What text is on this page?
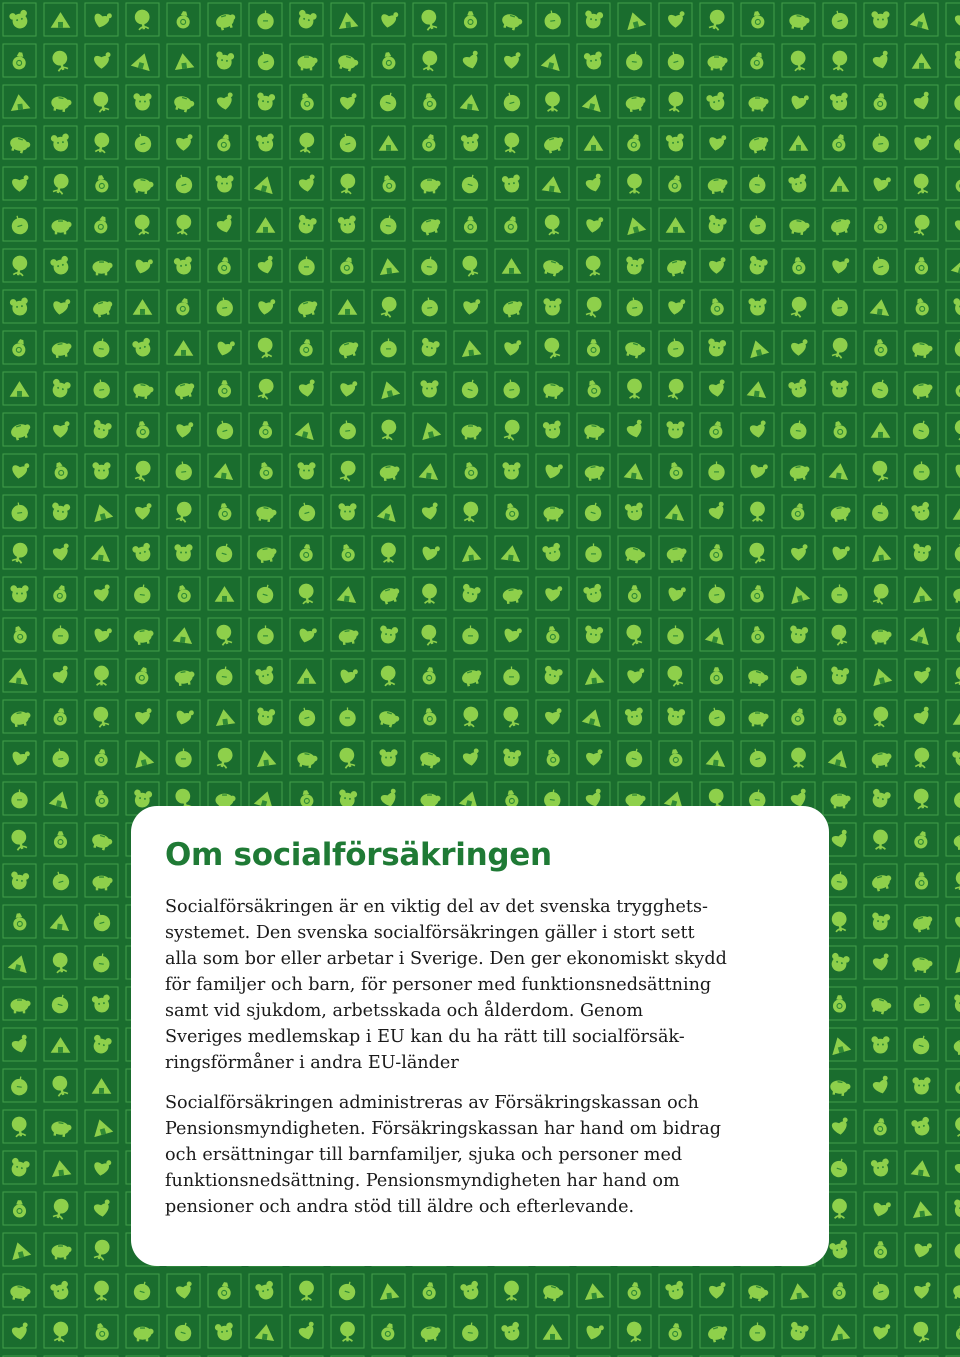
Om socialförsäkringen

Socialförsäkringen är en viktig del av det svenska trygghets-
systemet. Den svenska socialförsäkringen gäller i stort sett
alla som bor eller arbetar i Sverige. Den ger ekonomiskt skydd
för familjer och barn, för personer med funktionsnedsättning
samt vid sjukdom, arbetsskada och ålderdom. Genom
Sveriges medlemskap i EU kan du ha rätt till socialförsäk-
ringsförmåner i andra EU-länder

Socialförsäkringen administreras av Försäkringskassan och
Pensionsmyndigheten. Försäkringskassan har hand om bidrag
och ersättningar till barnfamiljer, sjuka och personer med
funktionsnedsättning. Pensionsmyndigheten har hand om
pensioner och andra stöd till äldre och efterlevande.
